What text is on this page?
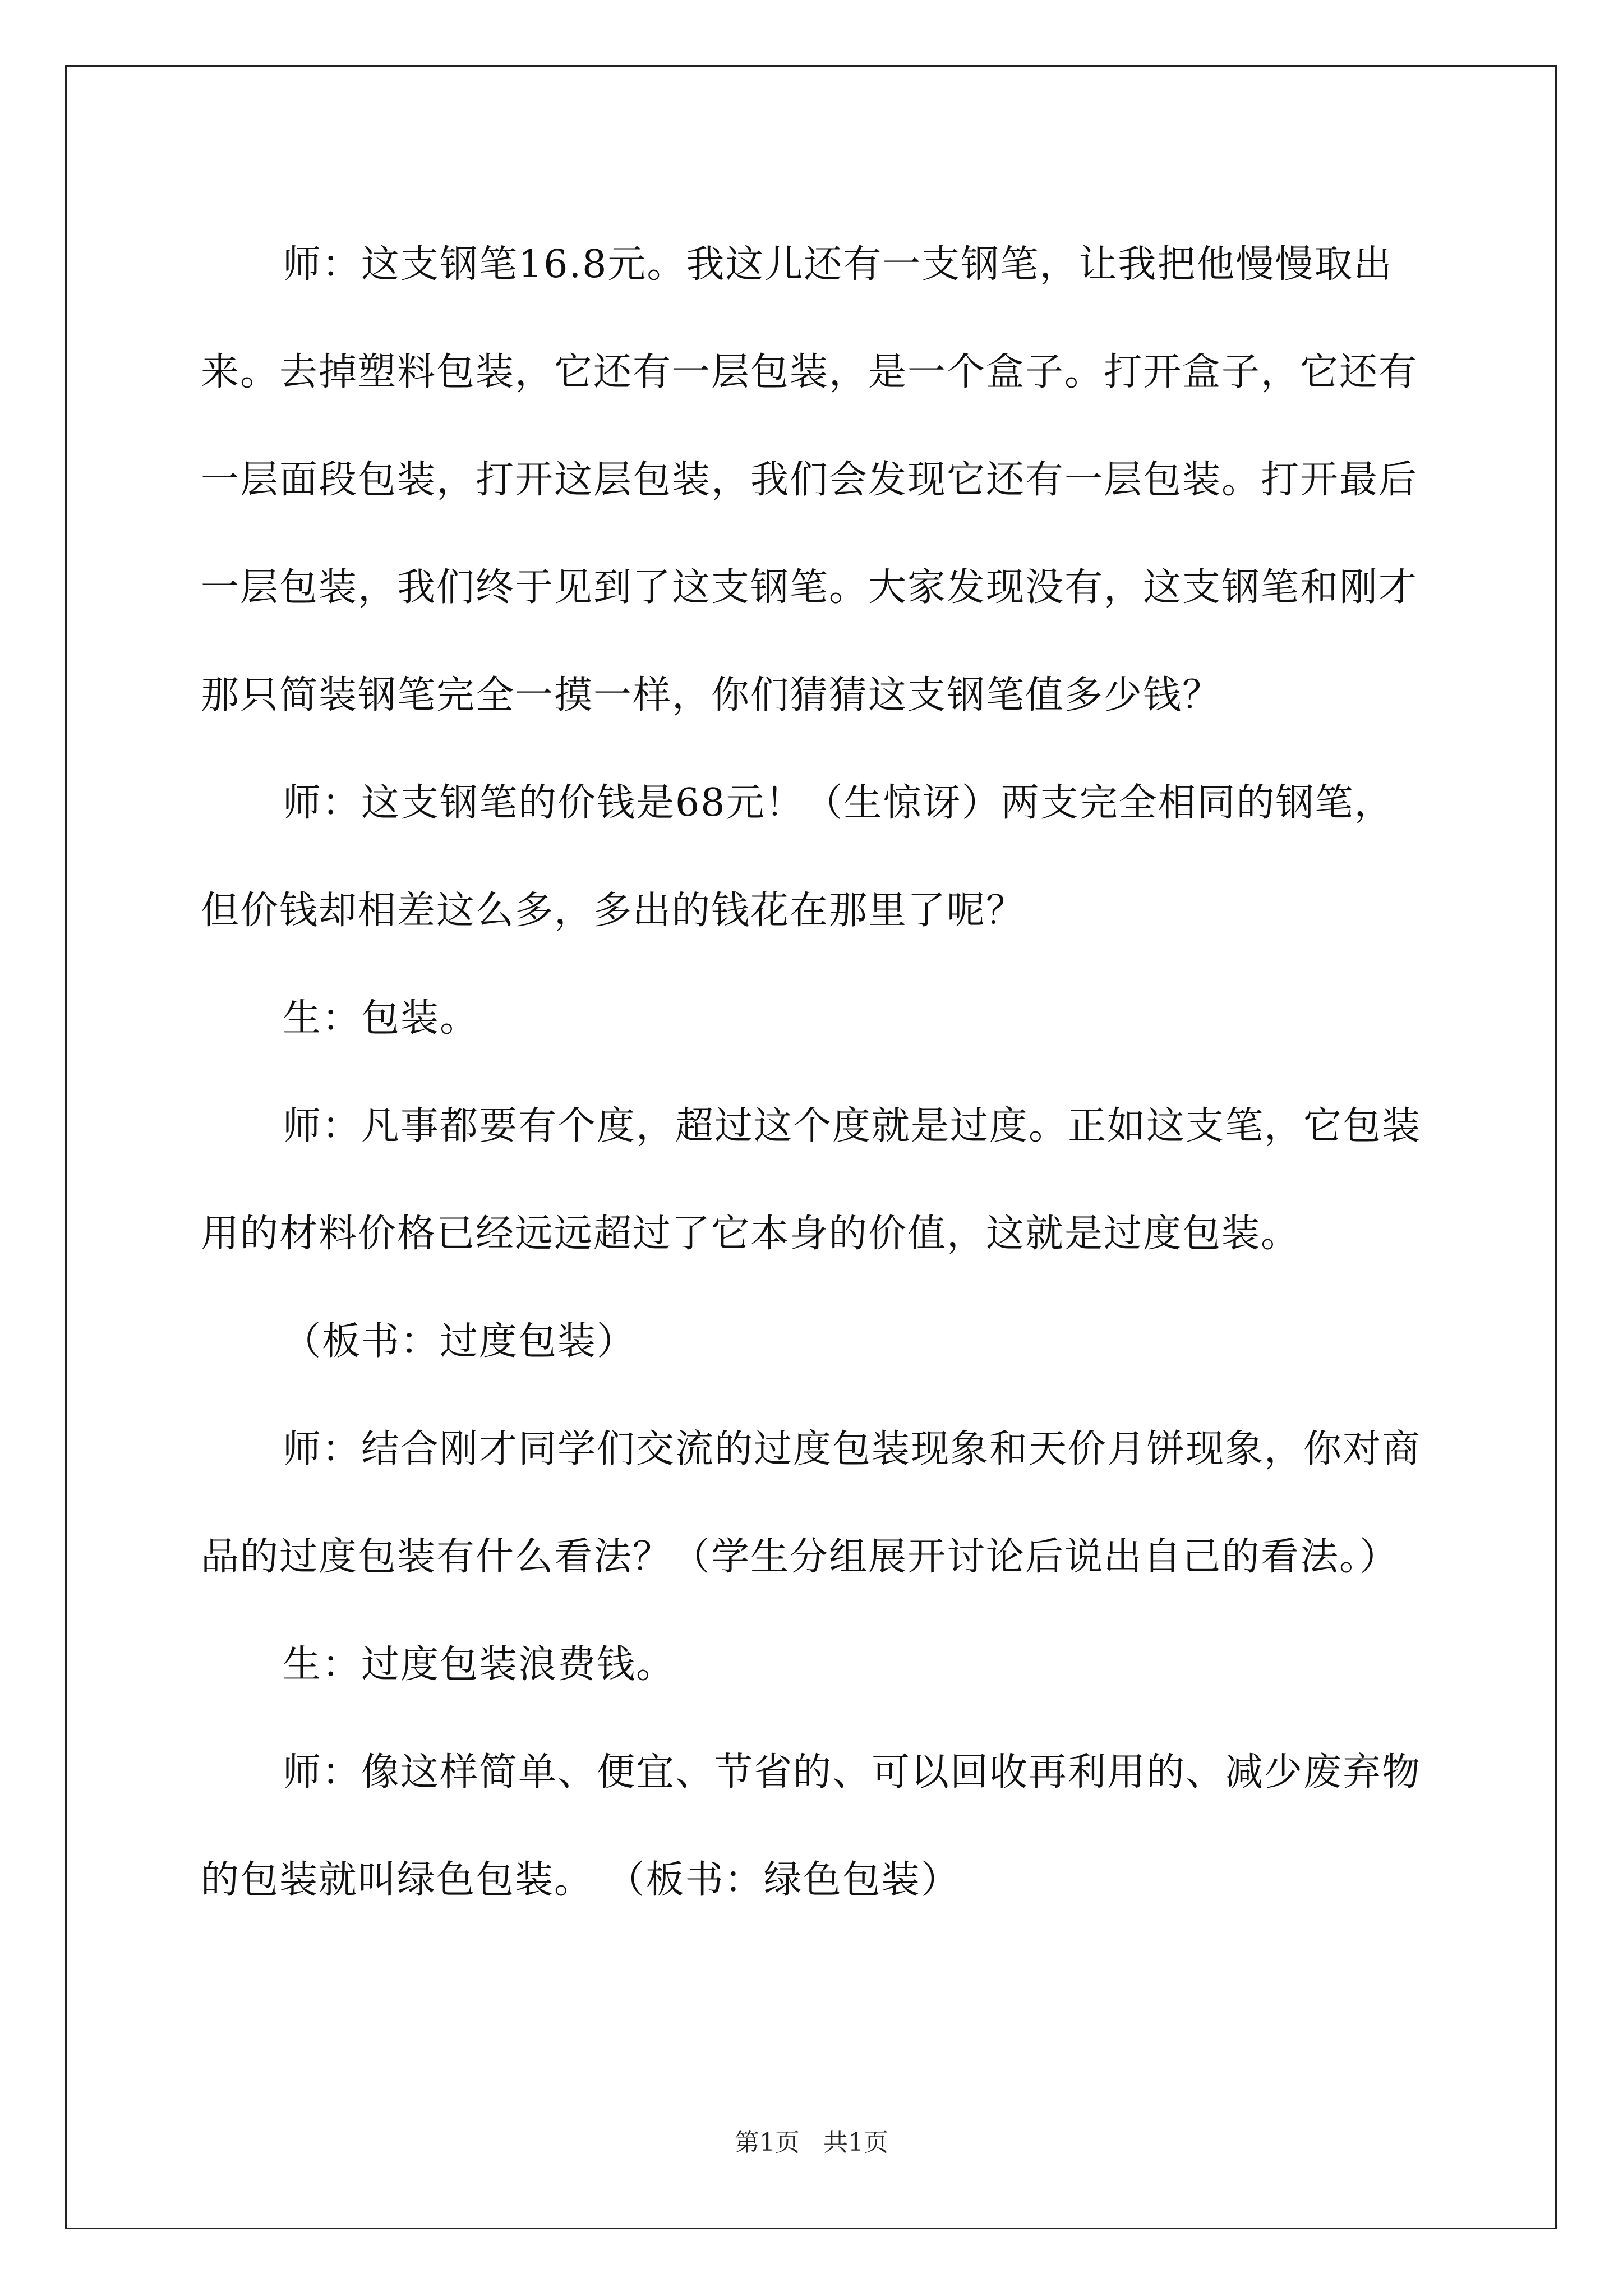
师：这支钢笔16.8元。我这儿还有一支钢笔，让我把他慢慢取出来。去掉塑料包装，它还有一层包装，是一个盒子。打开盒子，它还有一层面段包装，打开这层包装，我们会发现它还有一层包装。打开最后一层包装，我们终于见到了这支钢笔。大家发现没有，这支钢笔和刚才那只简装钢笔完全一摸一样，你们猜猜这支钢笔值多少钱？

师：这支钢笔的价钱是68元！（生惊讶）两支完全相同的钢笔，但价钱却相差这么多，多出的钱花在那里了呢？

生：包装。

师：凡事都要有个度，超过这个度就是过度。正如这支笔，它包装用的材料价格已经远远超过了它本身的价值，这就是过度包装。

（板书：过度包装）

师：结合刚才同学们交流的过度包装现象和天价月饼现象，你对商品的过度包装有什么看法？（学生分组展开讨论后说出自己的看法。）

生：过度包装浪费钱。

师：像这样简单、便宜、节省的、可以回收再利用的、减少废弃物的包装就叫绿色包装。 （板书：绿色包装）

第1页 共1页
